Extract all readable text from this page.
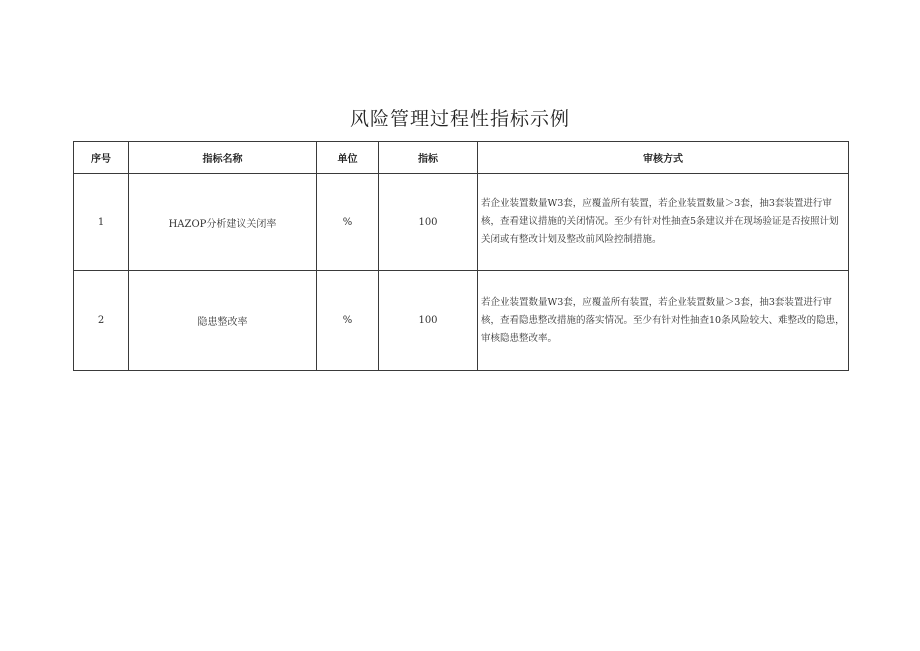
风险管理过程性指标示例
序号	指标名称	单位	指标	审核方式
1	HAZOP分析建议关闭率	%	100	若企业装置数量W3套，应覆盖所有装置，若企业装置数量＞3套，抽3套装置进行审核，查看建议措施的关闭情况。至少有针对性抽查5条建议并在现场验证是否按照计划关闭或有整改计划及整改前风险控制措施。
2	隐患整改率	%	100	若企业装置数量W3套，应覆盖所有装置，若企业装置数量＞3套，抽3套装置进行审核，查看隐患整改措施的落实情况。至少有针对性抽查10条风险较大、难整改的隐患，审核隐患整改率。
